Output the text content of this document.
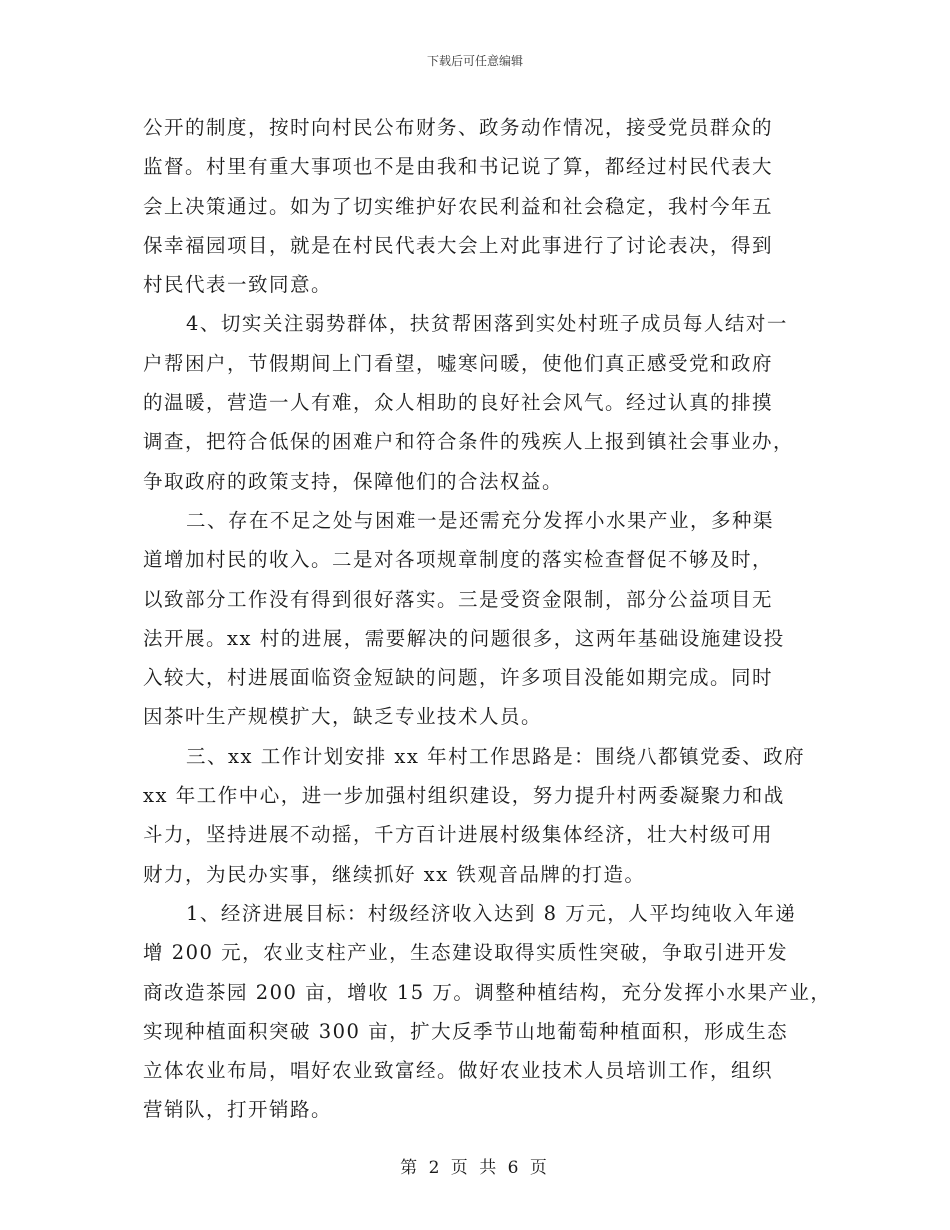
下载后可任意编辑
公开的制度，按时向村民公布财务、政务动作情况，接受党员群众的
监督。村里有重大事项也不是由我和书记说了算，都经过村民代表大
会上决策通过。如为了切实维护好农民利益和社会稳定，我村今年五
保幸福园项目，就是在村民代表大会上对此事进行了讨论表决，得到
村民代表一致同意。
4、切实关注弱势群体，扶贫帮困落到实处村班子成员每人结对一
户帮困户，节假期间上门看望，嘘寒问暖，使他们真正感受党和政府
的温暖，营造一人有难，众人相助的良好社会风气。经过认真的排摸
调查，把符合低保的困难户和符合条件的残疾人上报到镇社会事业办，
争取政府的政策支持，保障他们的合法权益。
二、存在不足之处与困难一是还需充分发挥小水果产业，多种渠
道增加村民的收入。二是对各项规章制度的落实检查督促不够及时，
以致部分工作没有得到很好落实。三是受资金限制，部分公益项目无
法开展。xx 村的进展，需要解决的问题很多，这两年基础设施建设投
入较大，村进展面临资金短缺的问题，许多项目没能如期完成。同时
因茶叶生产规模扩大，缺乏专业技术人员。
三、xx 工作计划安排 xx 年村工作思路是：围绕八都镇党委、政府
xx 年工作中心，进一步加强村组织建设，努力提升村两委凝聚力和战
斗力，坚持进展不动摇，千方百计进展村级集体经济，壮大村级可用
财力，为民办实事，继续抓好 xx 铁观音品牌的打造。
1、经济进展目标：村级经济收入达到 8 万元，人平均纯收入年递
增 200 元，农业支柱产业，生态建设取得实质性突破，争取引进开发
商改造茶园 200 亩，增收 15 万。调整种植结构，充分发挥小水果产业，
实现种植面积突破 300 亩，扩大反季节山地葡萄种植面积，形成生态
立体农业布局，唱好农业致富经。做好农业技术人员培训工作，组织
营销队，打开销路。
第 2 页 共 6 页
